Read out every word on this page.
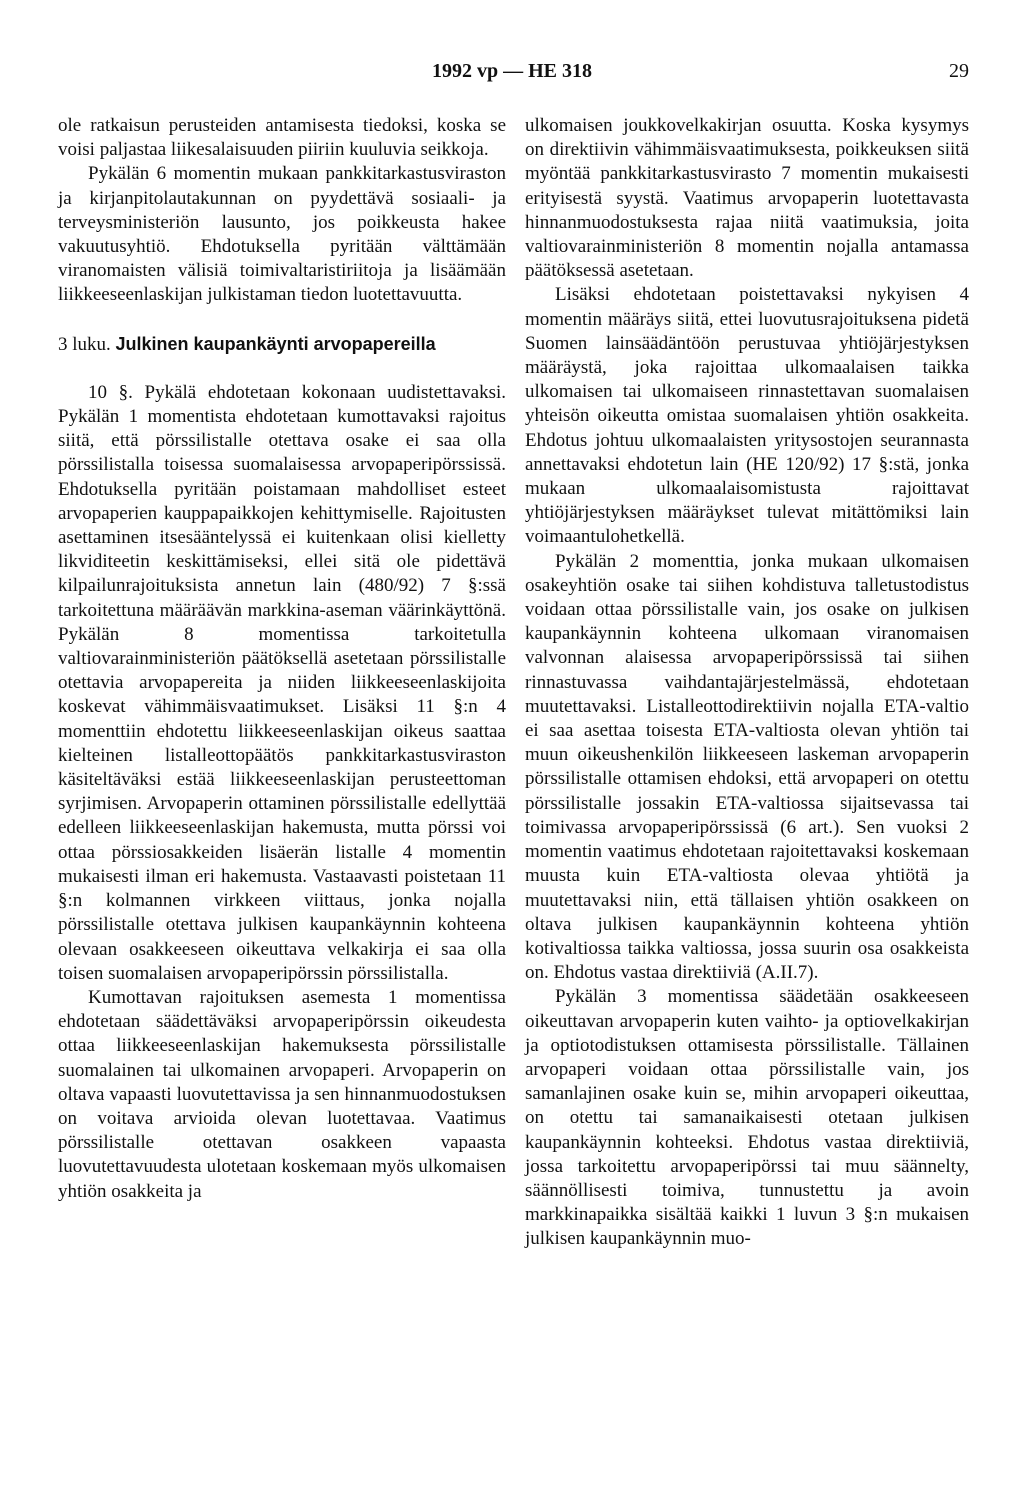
1992 vp — HE 318	29

ole ratkaisun perusteiden antamisesta tiedoksi, koska se voisi paljastaa liikesalaisuuden piiriin kuuluvia seikkoja.

Pykälän 6 momentin mukaan pankkitarkastusviraston ja kirjanpitolautakunnan on pyydettävä sosiaali- ja terveysministeriön lausunto, jos poikkeusta hakee vakuutusyhtiö. Ehdotuksella pyritään välttämään viranomaisten välisiä toimivaltaristiriitoja ja lisäämään liikkeeseenlaskijan julkistaman tiedon luotettavuutta.

3 luku. Julkinen kaupankäynti arvopapereilla

10 §. Pykälä ehdotetaan kokonaan uudistettavaksi. Pykälän 1 momentista ehdotetaan kumottavaksi rajoitus siitä, että pörssilistalle otettava osake ei saa olla pörssilistalla toisessa suomalaisessa arvopaperipörssissä. Ehdotuksella pyritään poistamaan mahdolliset esteet arvopaperien kauppapaikkojen kehittymiselle. Rajoitusten asettaminen itsesääntelyssä ei kuitenkaan olisi kielletty likviditeetin keskittämiseksi, ellei sitä ole pidettävä kilpailunrajoituksista annetun lain (480/92) 7 §:ssä tarkoitettuna määräävän markkina-aseman väärinkäyttönä. Pykälän 8 momentissa tarkoitetulla valtiovarainministeriön päätöksellä asetetaan pörssilistalle otettavia arvopapereita ja niiden liikkeeseenlaskijoita koskevat vähimmäisvaatimukset. Lisäksi 11 §:n 4 momenttiin ehdotettu liikkeeseenlaskijan oikeus saattaa kielteinen listalleottopäätös pankkitarkastusviraston käsiteltäväksi estää liikkeeseenlaskijan perusteettoman syrjimisen. Arvopaperin ottaminen pörssilistalle edellyttää edelleen liikkeeseenlaskijan hakemusta, mutta pörssi voi ottaa pörssiosakkeiden lisäerän listalle 4 momentin mukaisesti ilman eri hakemusta. Vastaavasti poistetaan 11 §:n kolmannen virkkeen viittaus, jonka nojalla pörssilistalle otettava julkisen kaupankäynnin kohteena olevaan osakkeeseen oikeuttava velkakirja ei saa olla toisen suomalaisen arvopaperipörssin pörssilistalla.

Kumottavan rajoituksen asemesta 1 momentissa ehdotetaan säädettäväksi arvopaperipörssin oikeudesta ottaa liikkeeseenlaskijan hakemuksesta pörssilistalle suomalainen tai ulkomainen arvopaperi. Arvopaperin on oltava vapaasti luovutettavissa ja sen hinnanmuodostuksen on voitava arvioida olevan luotettavaa. Vaatimus pörssilistalle otettavan osakkeen vapaasta luovutettavuudesta ulotetaan koskemaan myös ulkomaisen yhtiön osakkeita ja

ulkomaisen joukkovelkakirjan osuutta. Koska kysymys on direktiivin vähimmäisvaatimuksesta, poikkeuksen siitä myöntää pankkitarkastusvirasto 7 momentin mukaisesti erityisestä syystä. Vaatimus arvopaperin luotettavasta hinnanmuodostuksesta rajaa niitä vaatimuksia, joita valtiovarainministeriön 8 momentin nojalla antamassa päätöksessä asetetaan.

Lisäksi ehdotetaan poistettavaksi nykyisen 4 momentin määräys siitä, ettei luovutusrajoituksena pidetä Suomen lainsäädäntöön perustuvaa yhtiöjärjestyksen määräystä, joka rajoittaa ulkomaalaisen taikka ulkomaisen tai ulkomaiseen rinnastettavan suomalaisen yhteisön oikeutta omistaa suomalaisen yhtiön osakkeita. Ehdotus johtuu ulkomaalaisten yritysostojen seurannasta annettavaksi ehdotetun lain (HE 120/92) 17 §:stä, jonka mukaan ulkomaalaisomistusta rajoittavat yhtiöjärjestyksen määräykset tulevat mitättömiksi lain voimaantulohetkellä.

Pykälän 2 momenttia, jonka mukaan ulkomaisen osakeyhtiön osake tai siihen kohdistuva talletustodistus voidaan ottaa pörssilistalle vain, jos osake on julkisen kaupankäynnin kohteena ulkomaan viranomaisen valvonnan alaisessa arvopaperipörssissä tai siihen rinnastuvassa vaihdantajärjestelmässä, ehdotetaan muutettavaksi. Listalleottodirektiivin nojalla ETA-valtio ei saa asettaa toisesta ETA-valtiosta olevan yhtiön tai muun oikeushenkilön liikkeeseen laskeman arvopaperin pörssilistalle ottamisen ehdoksi, että arvopaperi on otettu pörssilistalle jossakin ETA-valtiossa sijaitsevassa tai toimivassa arvopaperipörssissä (6 art.). Sen vuoksi 2 momentin vaatimus ehdotetaan rajoitettavaksi koskemaan muusta kuin ETA-valtiosta olevaa yhtiötä ja muutettavaksi niin, että tällaisen yhtiön osakkeen on oltava julkisen kaupankäynnin kohteena yhtiön kotivaltiossa taikka valtiossa, jossa suurin osa osakkeista on. Ehdotus vastaa direktiiviä (A.II.7).

Pykälän 3 momentissa säädetään osakkeeseen oikeuttavan arvopaperin kuten vaihto- ja optiovelkakirjan ja optiotodistuksen ottamisesta pörssilistalle. Tällainen arvopaperi voidaan ottaa pörssilistalle vain, jos samanlajinen osake kuin se, mihin arvopaperi oikeuttaa, on otettu tai samanaikaisesti otetaan julkisen kaupankäynnin kohteeksi. Ehdotus vastaa direktiiviä, jossa tarkoitettu arvopaperipörssi tai muu säännelty, säännöllisesti toimiva, tunnustettu ja avoin markkinapaikka sisältää kaikki 1 luvun 3 §:n mukaisen julkisen kaupankäynnin muo-
